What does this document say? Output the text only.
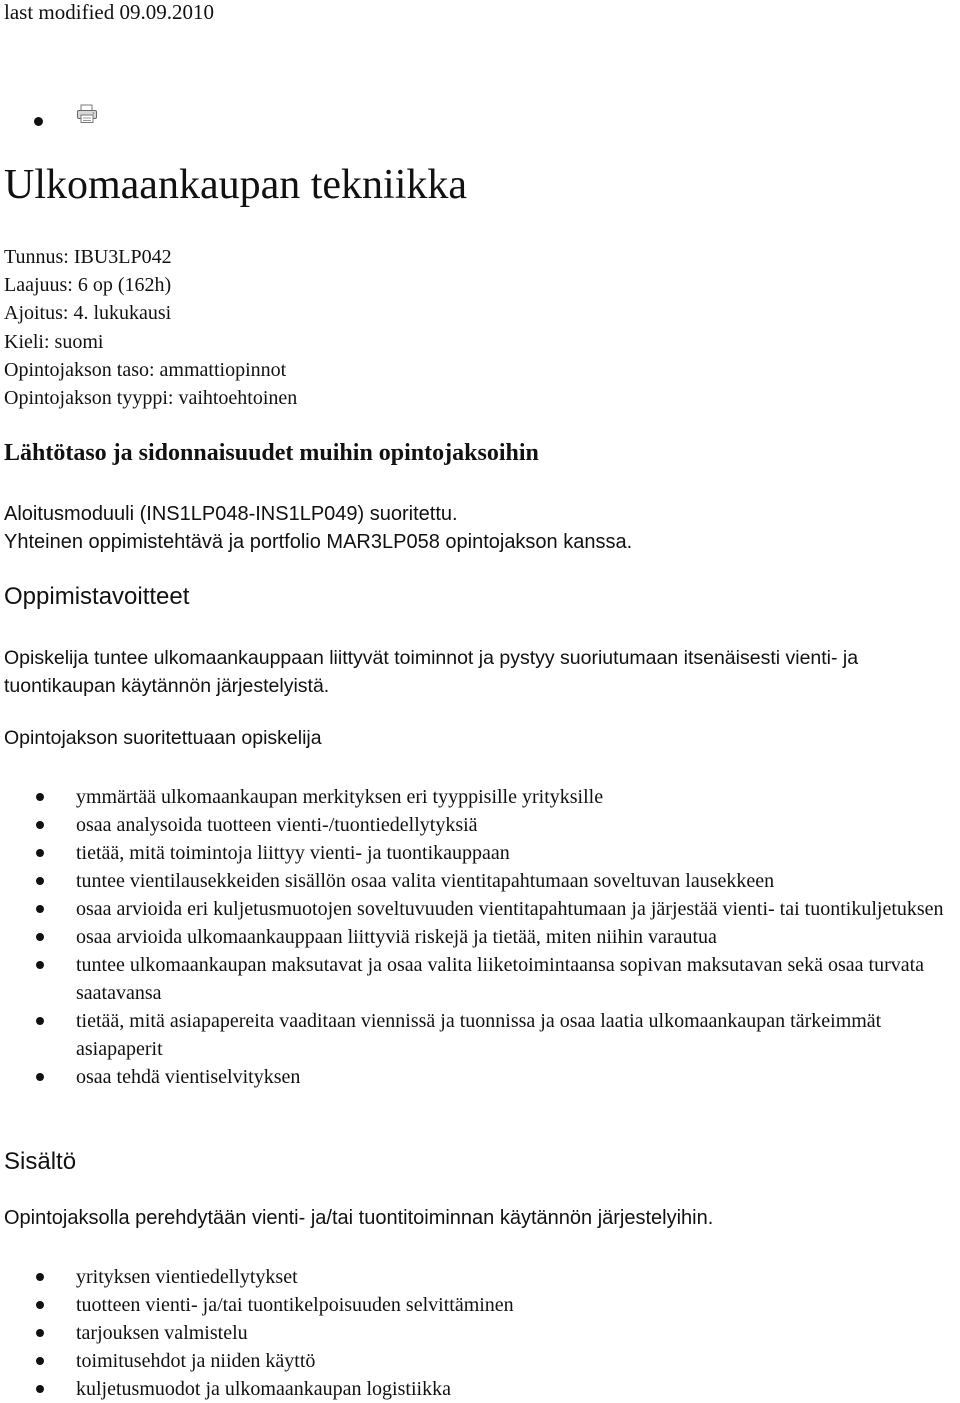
last modified 09.09.2010
Ulkomaankaupan tekniikka
Tunnus: IBU3LP042
Laajuus: 6 op (162h)
Ajoitus: 4. lukukausi
Kieli: suomi
Opintojakson taso: ammattiopinnot
Opintojakson tyyppi: vaihtoehtoinen
Lähtötaso ja sidonnaisuudet muihin opintojaksoihin
Aloitusmoduuli (INS1LP048-INS1LP049) suoritettu.
Yhteinen oppimistehtävä ja portfolio MAR3LP058 opintojakson kanssa.
Oppimistavoitteet
Opiskelija tuntee ulkomaankauppaan liittyvät toiminnot ja pystyy suoriutumaan itsenäisesti vienti- ja tuontikaupan käytännön järjestelyistä.
Opintojakson suoritettuaan opiskelija
ymmärtää ulkomaankaupan merkityksen eri tyyppisille yrityksille
osaa analysoida tuotteen vienti-/tuontiedellytyksiä
tietää, mitä toimintoja liittyy vienti- ja tuontikauppaan
tuntee vientilausekkeiden sisällön osaa valita vientitapahtumaan soveltuvan lausekkeen
osaa arvioida eri kuljetusmuotojen soveltuvuuden vientitapahtumaan ja järjestää vienti- tai tuontikuljetuksen
osaa arvioida ulkomaankauppaan liittyviä riskejä ja tietää, miten niihin varautua
tuntee ulkomaankaupan maksutavat ja osaa valita liiketoimintaansa sopivan maksutavan sekä osaa turvata saatavansa
tietää, mitä asiapapereita vaaditaan viennissä ja tuonnissa ja osaa laatia ulkomaankaupan tärkeimmät asiapaperit
osaa tehdä vientiselvityksen
Sisältö
Opintojaksolla perehdytään vienti- ja/tai tuontitoiminnan käytännön järjestelyihin.
yrityksen vientiedellytykset
tuotteen vienti- ja/tai tuontikelpoisuuden selvittäminen
tarjouksen valmistelu
toimitusehdot ja niiden käyttö
kuljetusmuodot ja ulkomaankaupan logistiikka
